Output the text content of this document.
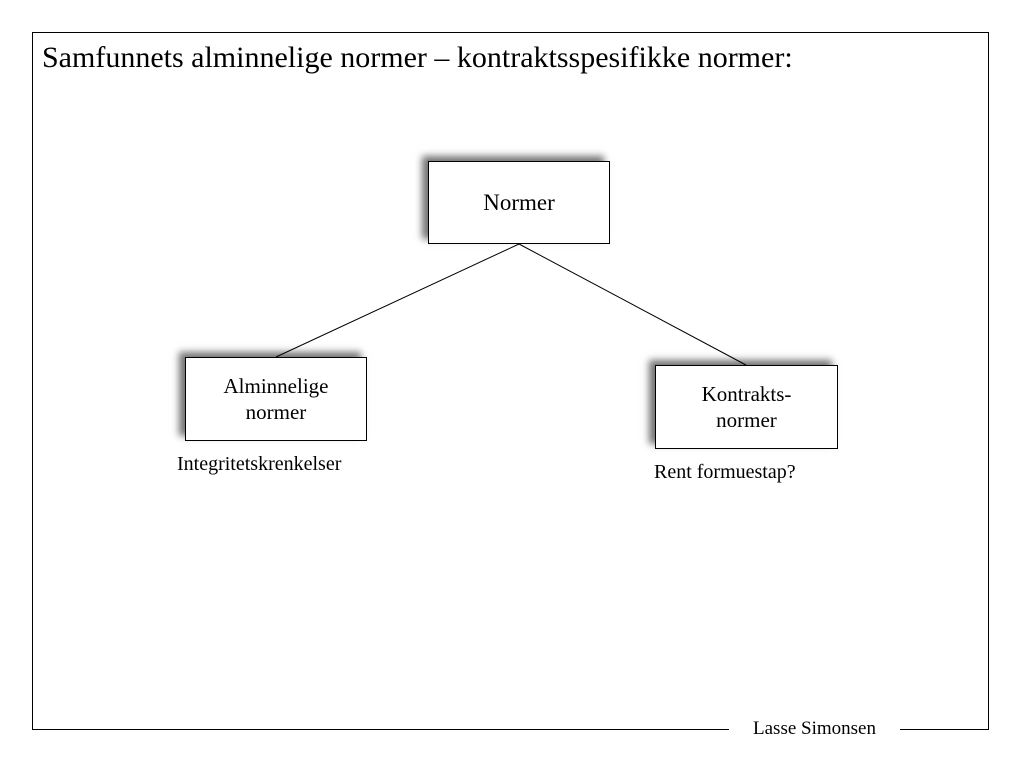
Samfunnets alminnelige normer – kontraktsspesifikke normer:
Normer
Alminnelige
normer
Kontrakts-
normer
Integritetskrenkelser	Rent formuestap?
Lasse Simonsen
